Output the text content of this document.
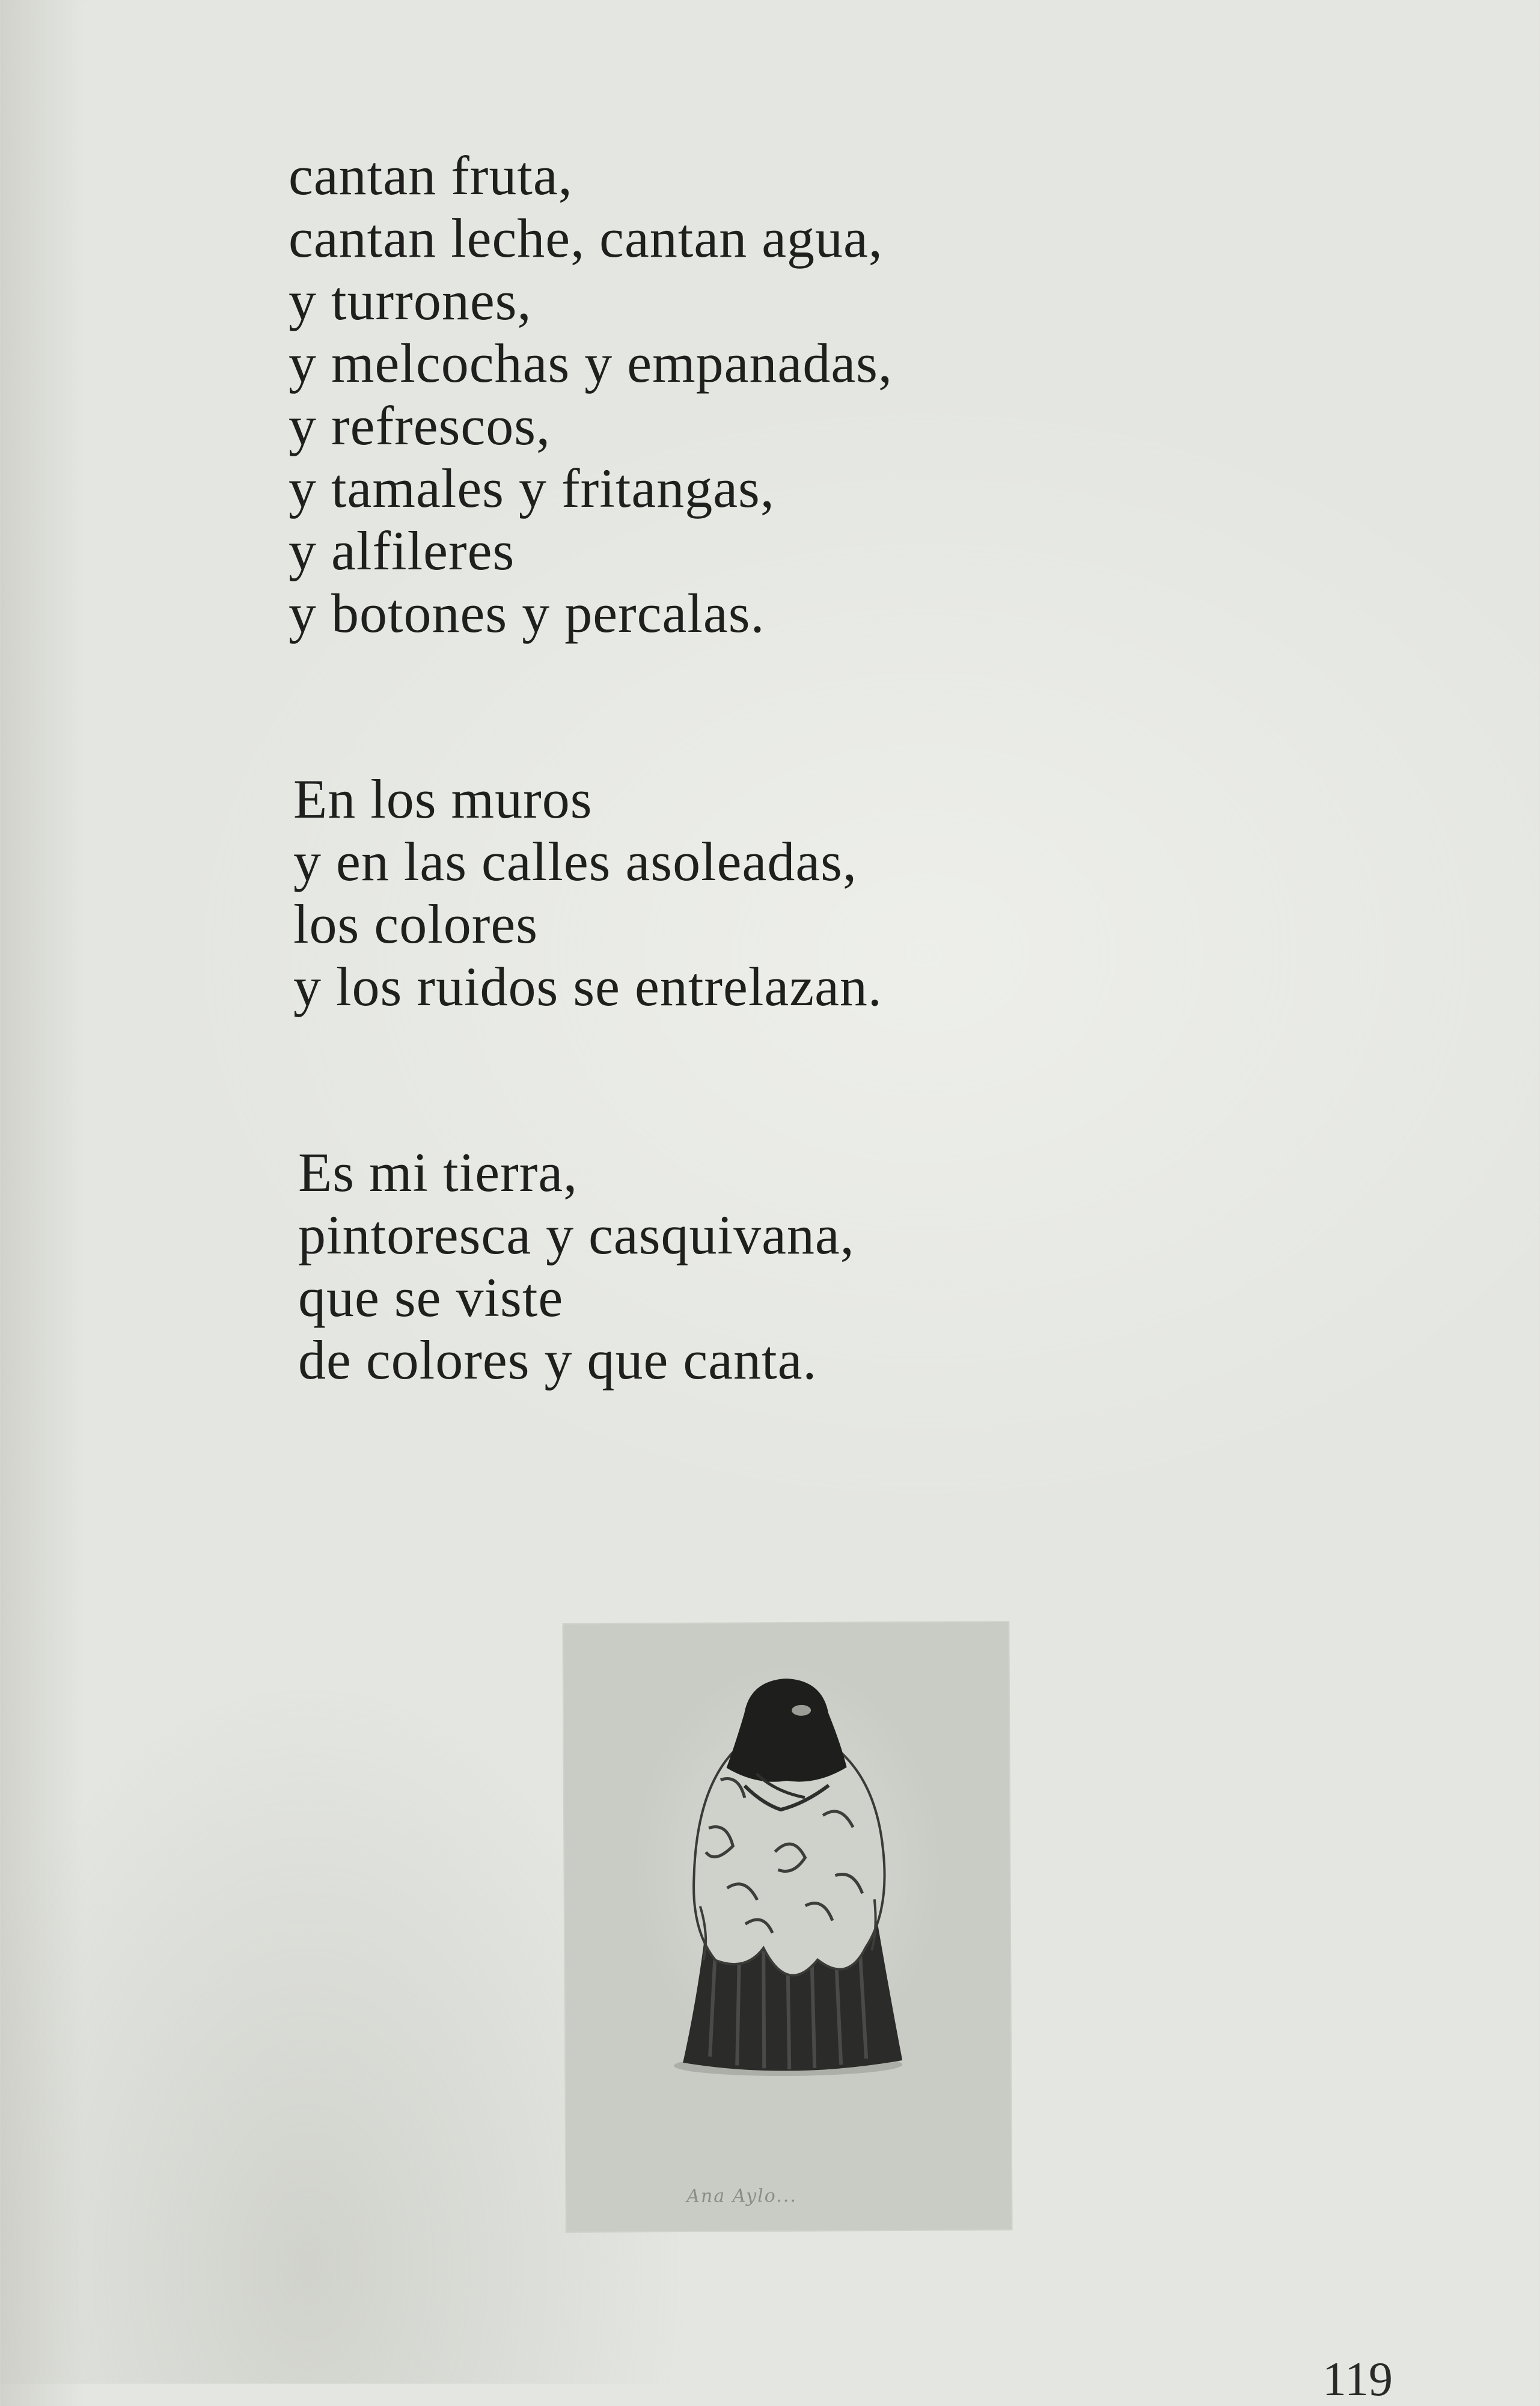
cantan fruta,
cantan leche, cantan agua,
y turrones,
y melcochas y empanadas,
y refrescos,
y tamales y fritangas,
y alfileres
y botones y percalas.
En los muros
y en las calles asoleadas,
los colores
y los ruidos se entrelazan.
Es mi tierra,
pintoresca y casquivana,
que se viste
de colores y que canta.
Ana Aylo...
119
